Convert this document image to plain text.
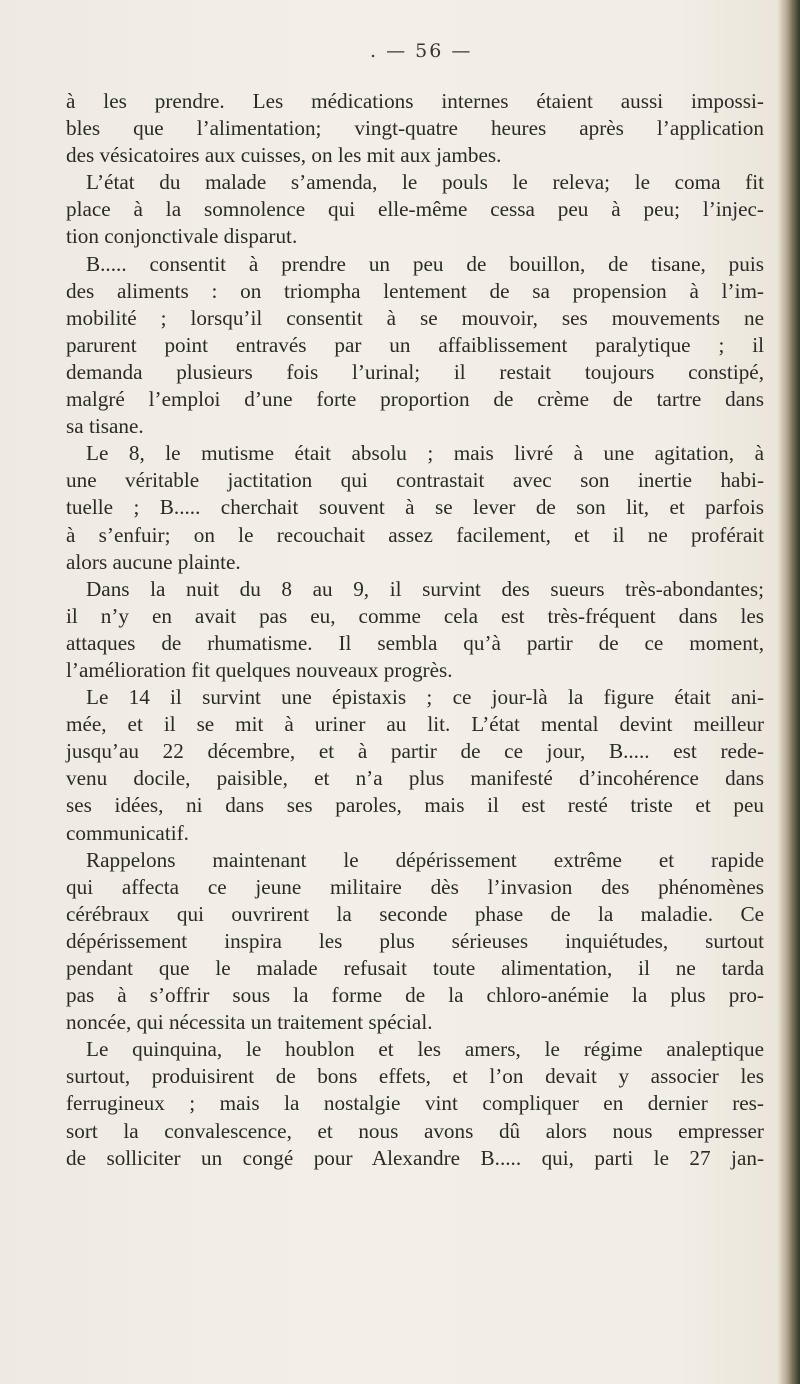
. — 56 —
à les prendre. Les médications internes étaient aussi impossi-
bles que l’alimentation; vingt-quatre heures après l’application
des vésicatoires aux cuisses, on les mit aux jambes.
L’état du malade s’amenda, le pouls le releva; le coma fit
place à la somnolence qui elle-même cessa peu à peu; l’injec-
tion conjonctivale disparut.
B..... consentit à prendre un peu de bouillon, de tisane, puis
des aliments : on triompha lentement de sa propension à l’im-
mobilité ; lorsqu’il consentit à se mouvoir, ses mouvements ne
parurent point entravés par un affaiblissement paralytique ; il
demanda plusieurs fois l’urinal; il restait toujours constipé,
malgré l’emploi d’une forte proportion de crème de tartre dans
sa tisane.
Le 8, le mutisme était absolu ; mais livré à une agitation, à
une véritable jactitation qui contrastait avec son inertie habi-
tuelle ; B..... cherchait souvent à se lever de son lit, et parfois
à s’enfuir; on le recouchait assez facilement, et il ne proférait
alors aucune plainte.
Dans la nuit du 8 au 9, il survint des sueurs très-abondantes;
il n’y en avait pas eu, comme cela est très-fréquent dans les
attaques de rhumatisme. Il sembla qu’à partir de ce moment,
l’amélioration fit quelques nouveaux progrès.
Le 14 il survint une épistaxis ; ce jour-là la figure était ani-
mée, et il se mit à uriner au lit. L’état mental devint meilleur
jusqu’au 22 décembre, et à partir de ce jour, B..... est rede-
venu docile, paisible, et n’a plus manifesté d’incohérence dans
ses idées, ni dans ses paroles, mais il est resté triste et peu
communicatif.
Rappelons maintenant le dépérissement extrême et rapide
qui affecta ce jeune militaire dès l’invasion des phénomènes
cérébraux qui ouvrirent la seconde phase de la maladie. Ce
dépérissement inspira les plus sérieuses inquiétudes, surtout
pendant que le malade refusait toute alimentation, il ne tarda
pas à s’offrir sous la forme de la chloro-anémie la plus pro-
noncée, qui nécessita un traitement spécial.
Le quinquina, le houblon et les amers, le régime analeptique
surtout, produisirent de bons effets, et l’on devait y associer les
ferrugineux ; mais la nostalgie vint compliquer en dernier res-
sort la convalescence, et nous avons dû alors nous empresser
de solliciter un congé pour Alexandre B..... qui, parti le 27 jan-
